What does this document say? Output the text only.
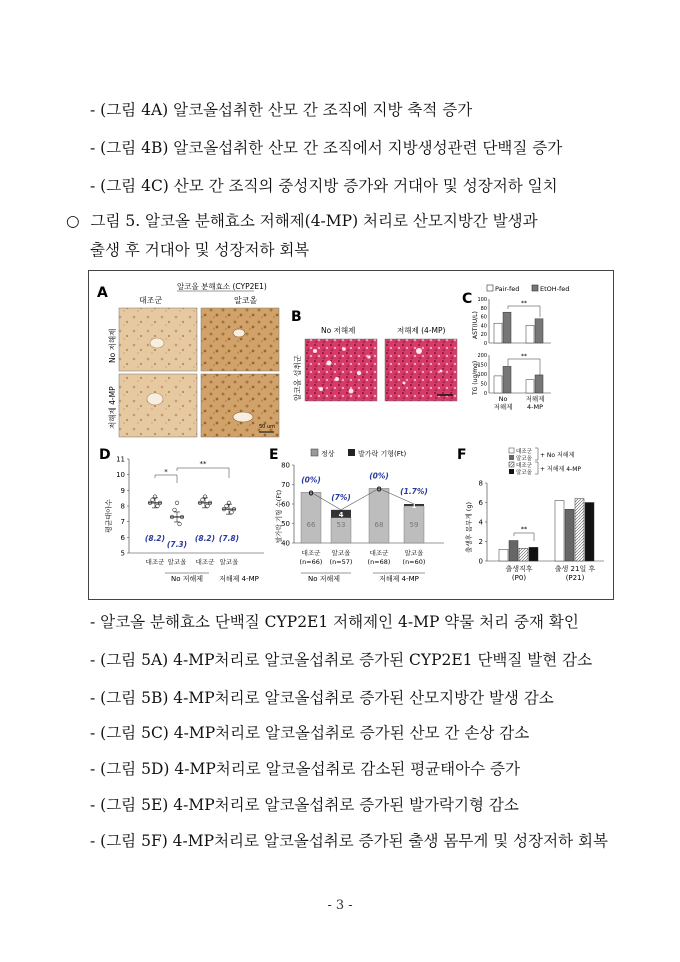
- (그림 4A) 알코올섭취한 산모 간 조직에 지방 축적 증가
- (그림 4B) 알코올섭취한 산모 간 조직에서 지방생성관련 단백질 증가
- (그림 4C) 산모 간 조직의 중성지방 증가와 거대아 및 성장저하 일치
○ 그림 5. 알코올 분해효소 저해제(4-MP) 처리로 산모지방간 발생과
출생 후 거대아 및 성장저하 회복
A	알코올 분해효소 (CYP2E1)
대조군	알코올
No 저해제
저해제 4-MP	50 um
B
No 저해제	저해제 (4-MP)
알코올 섭취군
C
Pair-fed	EtOH-fed
AST(IU/L)
TG (ug/mg)
100
80
60
40
20
0
**
200
150
100
50
0
**
No
저해제
저해제
4-MP
D
평균태아수
11
10
9
8
7
6
5
(8.2)
대조군
(7.3)
알코올
(8.2)
대조군
(7.8)
알코올
*
**
No 저해제 저해제 4-MP
E	정상	발가락 기형(Ft)
발가락 기형 수(Ft)
80
70
60
50
40
66
0
(0%)
대조군
(n=66)
53
4
(7%)
알코올
(n=57)
68
0
(0%)
대조군
(n=68)
59
1
(1.7%)
알코올
(n=60)
No 저해제	저해제 4-MP
F	대조군
알코올 + No 저해제
대조군
알코올 + 저해제 4-MP
출생후 몸무게 (g)
8
6
4
2
0
**
출생직후
(P0)
출생 21일 후
(P21)
- 알코올 분해효소 단백질 CYP2E1 저해제인 4-MP 약물 처리 중재 확인
- (그림 5A) 4-MP처리로 알코올섭취로 증가된 CYP2E1 단백질 발현 감소
- (그림 5B) 4-MP처리로 알코올섭취로 증가된 산모지방간 발생 감소
- (그림 5C) 4-MP처리로 알코올섭취로 증가된 산모 간 손상 감소
- (그림 5D) 4-MP처리로 알코올섭취로 감소된 평균태아수 증가
- (그림 5E) 4-MP처리로 알코올섭취로 증가된 발가락기형 감소
- (그림 5F) 4-MP처리로 알코올섭취로 증가된 출생 몸무게 및 성장저하 회복
- 3 -
